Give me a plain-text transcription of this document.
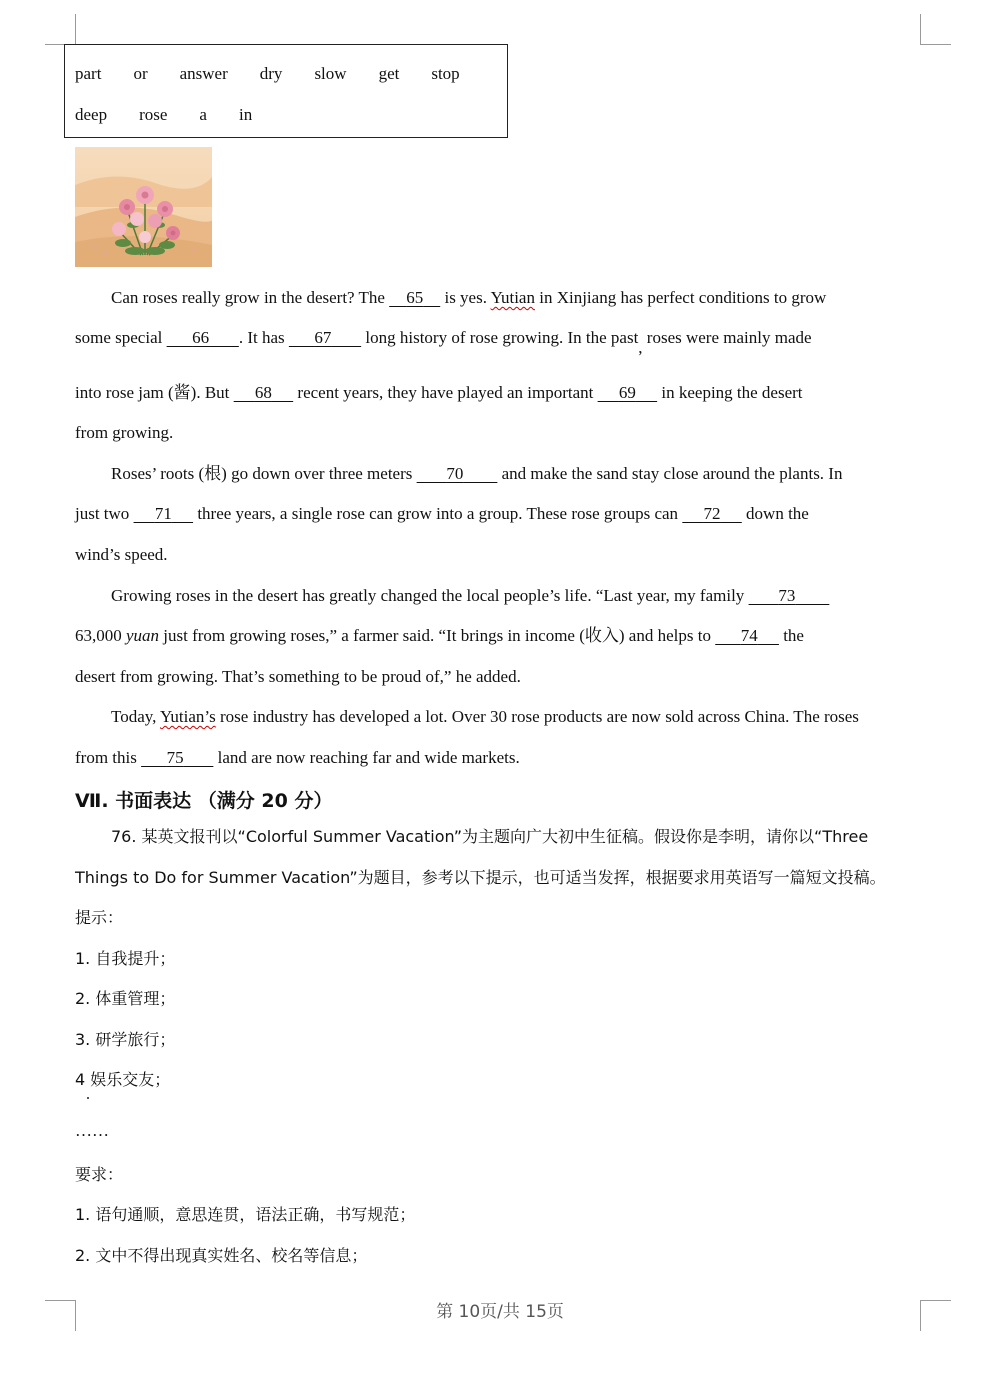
part or answer dry slow get stop
deep rose a in
Can roses really grow in the desert? The     65     is yes. Yutian in Xinjiang has perfect conditions to grow
some special       66 . It has       67        long history of rose growing. In the past, roses were mainly made
into rose jam (酱). But      68      recent years, they have played an important      69      in keeping the desert
from growing.
Roses’ roots (根) go down over three meters        70         and make the sand stay close around the plants. In
just two      71      three years, a single rose can grow into a group. These rose groups can      72      down the
wind’s speed.
Growing roses in the desert has greatly changed the local people’s life. “Last year, my family        73
63,000 yuan just from growing roses,” a farmer said. “It brings in income (收入) and helps to       74      the
desert from growing. That’s something to be proud of,” he added.
Today, Yutian’s rose industry has developed a lot. Over 30 rose products are now sold across China. The roses
from this       75        land are now reaching far and wide markets.
Ⅶ. 书面表达 （满分 20 分）
76. 某英文报刊以“Colorful Summer Vacation”为主题向广大初中生征稿。假设你是李明，请你以“Three
Things to Do for Summer Vacation”为题目，参考以下提示，也可适当发挥，根据要求用英语写一篇短文投稿。
提示：
1. 自我提升；
2. 体重管理；
3. 研学旅行；
4 娱乐交友；
……
要求：
1. 语句通顺，意思连贯，语法正确，书写规范；
2. 文中不得出现真实姓名、校名等信息；
第 10页/共 15页
